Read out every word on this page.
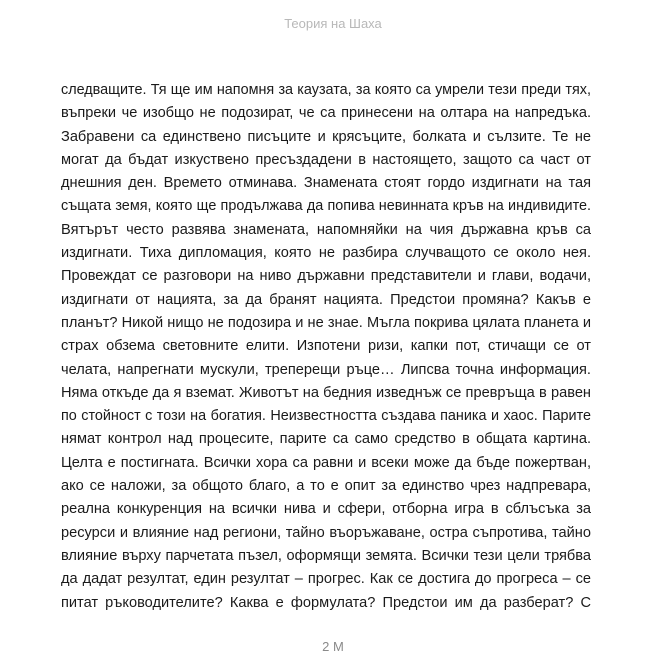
Теория на Шаха
следващите. Тя ще им напомня за каузата, за която са умрели тези преди тях,
въпреки че изобщо не подозират, че са принесени на олтара на напредъка.
Забравени са единствено писъците и крясъците, болката и сълзите. Те не
могат да бъдат изкуствено пресъздадени в настоящето, защото са част от
днешния ден. Времето отминава. Знамената стоят гордо издигнати на тая
същата земя, която ще продължава да попива невинната кръв на индивидите.
Вятърът често развява знамената, напомняйки на чия държавна кръв са
издигнати. Тиха дипломация, която не разбира случващото се около нея.
Провеждат се разговори на ниво държавни представители и глави, водачи,
издигнати от нацията, за да бранят нацията. Предстои промяна? Какъв е
планът? Никой нищо не подозира и не знае. Мъгла покрива цялата планета и
страх обзема световните елити. Изпотени ризи, капки пот, стичащи се от
челата, напрегнати мускули, треперещи ръце… Липсва точна информация.
Няма откъде да я вземат. Животът на бедния изведнъж се превръща в равен
по стойност с този на богатия. Неизвестността създава паника и хаос. Парите
нямат контрол над процесите, парите са само средство в общата картина.
Целта е постигната. Всички хора са равни и всеки може да бъде пожертван,
ако се наложи, за общото благо, а то е опит за единство чрез надпревара,
реална конкуренция на всички нива и сфери, отборна игра в сблъсъка за
ресурси и влияние над региони, тайно въоръжаване, остра съпротива, тайно
влияние върху парчетата пъзел, оформящи земята. Всички тези цели трябва
да дадат резултат, един резултат – прогрес. Как се достига до прогреса – се
питат ръководителите? Каква е формулата? Предстои им да разберат? С
2 М
